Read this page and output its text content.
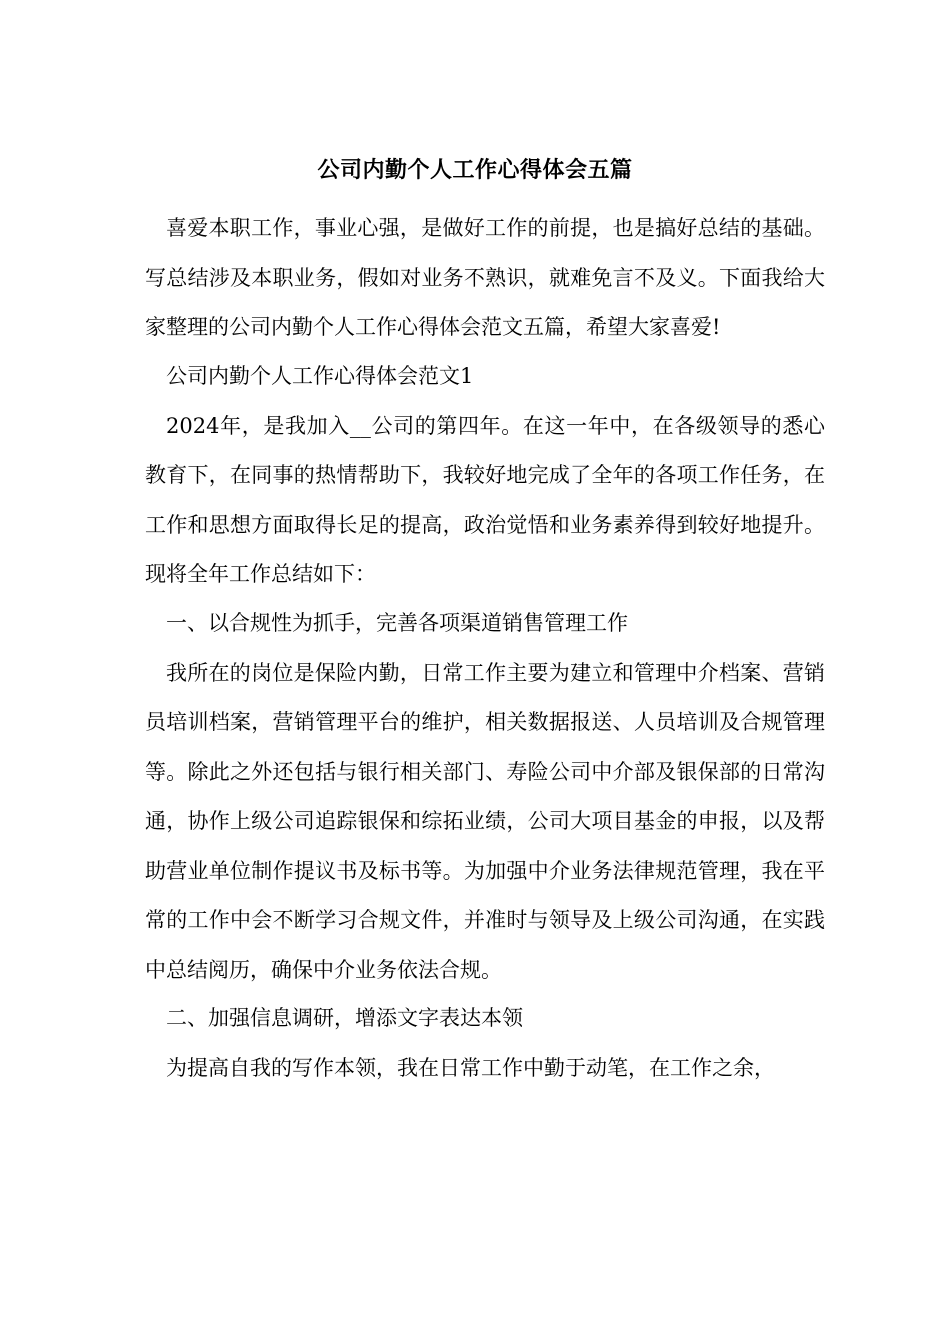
公司内勤个人工作心得体会五篇

喜爱本职工作，事业心强，是做好工作的前提，也是搞好总结的基础。写总结涉及本职业务，假如对业务不熟识，就难免言不及义。下面我给大家整理的公司内勤个人工作心得体会范文五篇，希望大家喜爱!

公司内勤个人工作心得体会范文1

2024年，是我加入__公司的第四年。在这一年中，在各级领导的悉心教育下，在同事的热情帮助下，我较好地完成了全年的各项工作任务，在工作和思想方面取得长足的提高，政治觉悟和业务素养得到较好地提升。现将全年工作总结如下：

一、以合规性为抓手，完善各项渠道销售管理工作

我所在的岗位是保险内勤，日常工作主要为建立和管理中介档案、营销员培训档案，营销管理平台的维护，相关数据报送、人员培训及合规管理等。除此之外还包括与银行相关部门、寿险公司中介部及银保部的日常沟通，协作上级公司追踪银保和综拓业绩，公司大项目基金的申报，以及帮助营业单位制作提议书及标书等。为加强中介业务法律规范管理，我在平常的工作中会不断学习合规文件，并准时与领导及上级公司沟通，在实践中总结阅历，确保中介业务依法合规。

二、加强信息调研，增添文字表达本领

为提高自我的写作本领，我在日常工作中勤于动笔，在工作之余，
